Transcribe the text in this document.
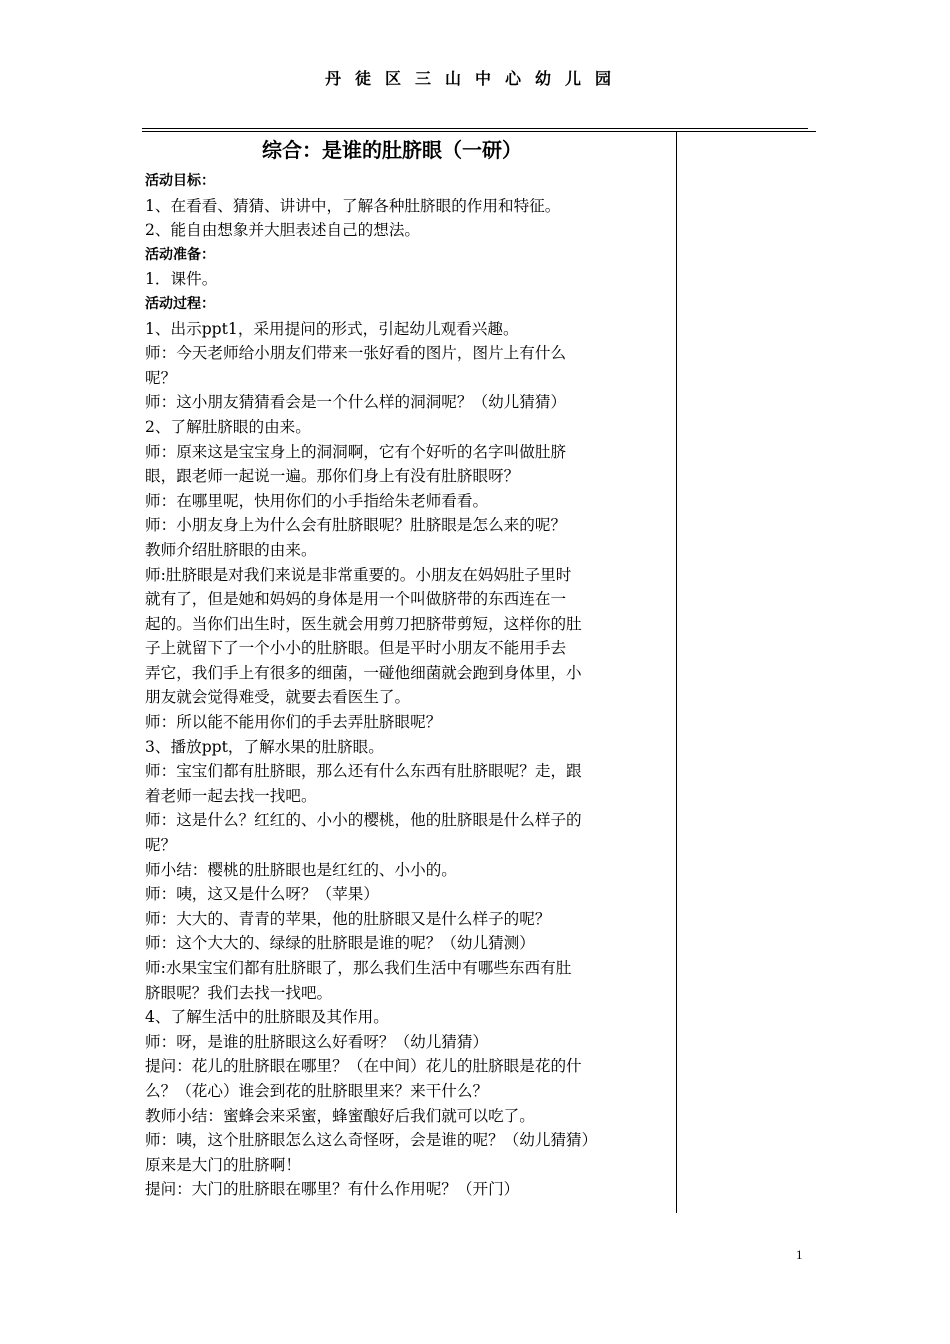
丹徒区三山中心幼儿园
综合：是谁的肚脐眼（一研）
活动目标：
1、在看看、猜猜、讲讲中，了解各种肚脐眼的作用和特征。
2、能自由想象并大胆表述自己的想法。
活动准备：
1．课件。
活动过程：
1、出示ppt1，采用提问的形式，引起幼儿观看兴趣。
师：今天老师给小朋友们带来一张好看的图片，图片上有什么
呢？
师：这小朋友猜猜看会是一个什么样的洞洞呢？（幼儿猜猜）
2、了解肚脐眼的由来。
师：原来这是宝宝身上的洞洞啊，它有个好听的名字叫做肚脐
眼，跟老师一起说一遍。那你们身上有没有肚脐眼呀？
师：在哪里呢，快用你们的小手指给朱老师看看。
师：小朋友身上为什么会有肚脐眼呢？肚脐眼是怎么来的呢？
教师介绍肚脐眼的由来。
师:肚脐眼是对我们来说是非常重要的。小朋友在妈妈肚子里时
就有了，但是她和妈妈的身体是用一个叫做脐带的东西连在一
起的。当你们出生时，医生就会用剪刀把脐带剪短，这样你的肚
子上就留下了一个小小的肚脐眼。但是平时小朋友不能用手去
弄它，我们手上有很多的细菌，一碰他细菌就会跑到身体里，小
朋友就会觉得难受，就要去看医生了。
师：所以能不能用你们的手去弄肚脐眼呢？
3、播放ppt，了解水果的肚脐眼。
师：宝宝们都有肚脐眼，那么还有什么东西有肚脐眼呢？走，跟
着老师一起去找一找吧。
师：这是什么？红红的、小小的樱桃，他的肚脐眼是什么样子的
呢？
师小结：樱桃的肚脐眼也是红红的、小小的。
师：咦，这又是什么呀？（苹果）
师：大大的、青青的苹果，他的肚脐眼又是什么样子的呢？
师：这个大大的、绿绿的肚脐眼是谁的呢？（幼儿猜测）
师:水果宝宝们都有肚脐眼了，那么我们生活中有哪些东西有肚
脐眼呢？我们去找一找吧。
4、了解生活中的肚脐眼及其作用。
师：呀，是谁的肚脐眼这么好看呀？（幼儿猜猜）
提问：花儿的肚脐眼在哪里？（在中间）花儿的肚脐眼是花的什
么？（花心）谁会到花的肚脐眼里来？来干什么？
教师小结：蜜蜂会来采蜜，蜂蜜酿好后我们就可以吃了。
师：咦，这个肚脐眼怎么这么奇怪呀，会是谁的呢？（幼儿猜猜）
原来是大门的肚脐啊！
提问：大门的肚脐眼在哪里？有什么作用呢？（开门）
1
